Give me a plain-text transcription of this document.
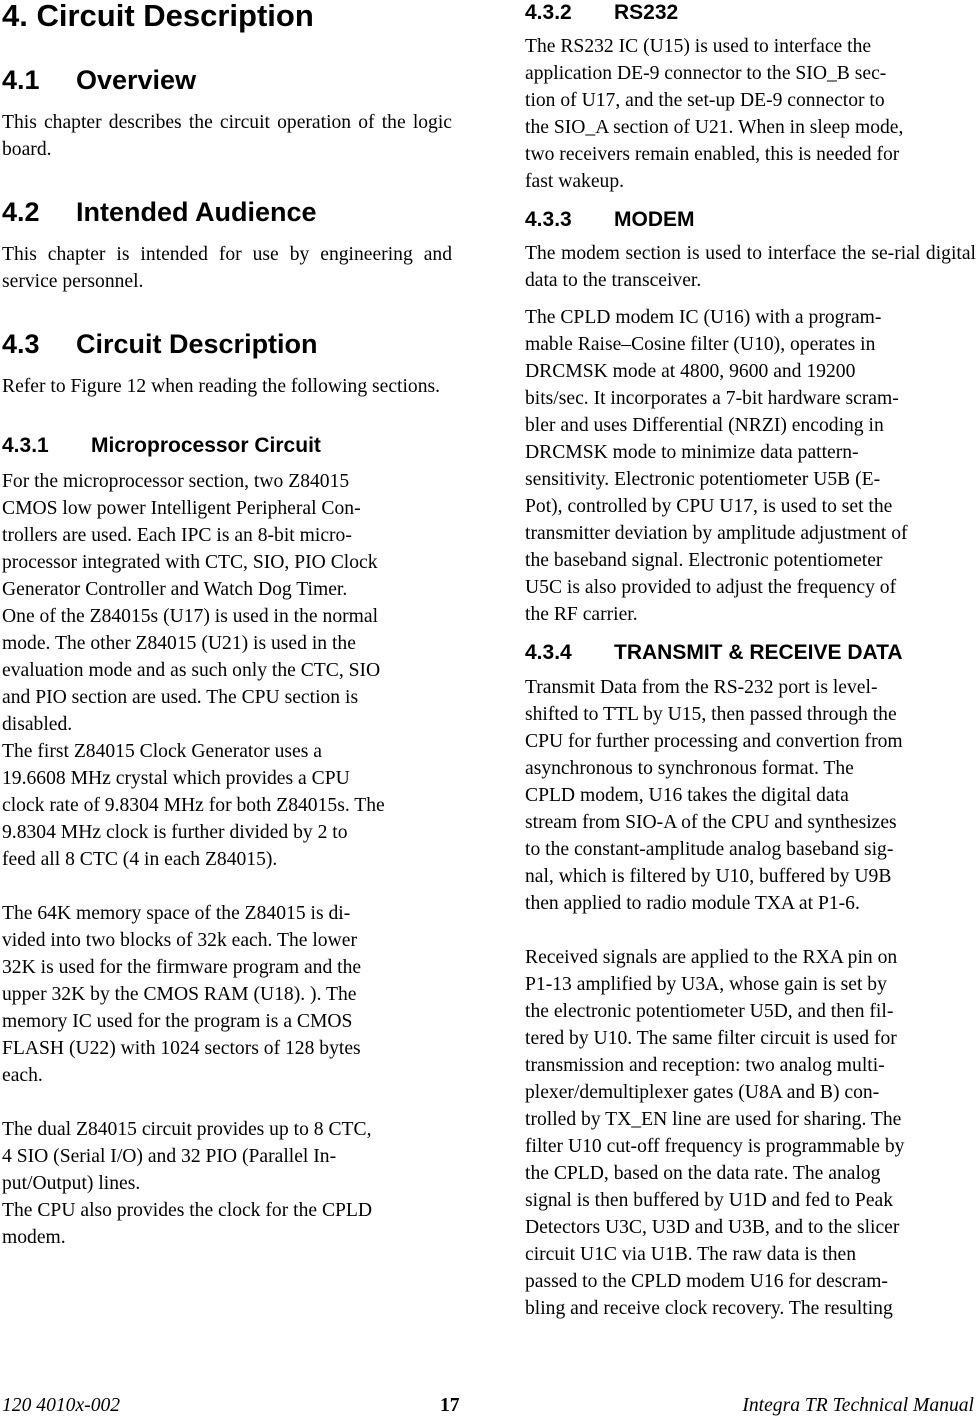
4. Circuit Description
4.1	Overview

This chapter describes the circuit operation of the logic board.

4.2	Intended Audience

This chapter is intended for use by engineering and service personnel.

4.3	Circuit Description

Refer to Figure 12 when reading the following sections.

4.3.1	Microprocessor Circuit

For the microprocessor section, two Z84015
CMOS low power Intelligent Peripheral Con-
trollers are used. Each IPC is an 8-bit micro-
processor integrated with CTC, SIO, PIO Clock
Generator Controller and Watch Dog Timer.
One of the Z84015s (U17) is used in the normal
mode. The other Z84015 (U21) is used in the
evaluation mode and as such only the CTC, SIO
and PIO section are used. The CPU section is
disabled.
The first Z84015 Clock Generator uses a
19.6608 MHz crystal which provides a CPU
clock rate of 9.8304 MHz for both Z84015s. The
9.8304 MHz clock is further divided by 2 to
feed all 8 CTC (4 in each Z84015).

The 64K memory space of the Z84015 is di-
vided into two blocks of 32k each. The lower
32K is used for the firmware program and the
upper 32K by the CMOS RAM (U18). ). The
memory IC used for the program is a CMOS
FLASH (U22) with 1024 sectors of 128 bytes
each.

The dual Z84015 circuit provides up to 8 CTC,
4 SIO (Serial I/O) and 32 PIO (Parallel In-
put/Output) lines.
The CPU also provides the clock for the CPLD
modem.

4.3.2	RS232

The RS232 IC (U15) is used to interface the
application DE-9 connector to the SIO_B sec-
tion of U17, and the set-up DE-9 connector to
the SIO_A section of U21. When in sleep mode,
two receivers remain enabled, this is needed for
fast wakeup.

4.3.3	MODEM

The modem section is used to interface the se-rial digital data to the transceiver.

The CPLD modem IC (U16) with a program-
mable Raise–Cosine filter (U10), operates in
DRCMSK mode at 4800, 9600 and 19200
bits/sec. It incorporates a 7-bit hardware scram-
bler and uses Differential (NRZI) encoding in
DRCMSK mode to minimize data pattern-
sensitivity. Electronic potentiometer U5B (E-
Pot), controlled by CPU U17, is used to set the
transmitter deviation by amplitude adjustment of
the baseband signal. Electronic potentiometer
U5C is also provided to adjust the frequency of
the RF carrier.

4.3.4	TRANSMIT & RECEIVE DATA

Transmit Data from the RS-232 port is level-
shifted to TTL by U15, then passed through the
CPU for further processing and convertion from
asynchronous to synchronous format. The
CPLD modem, U16 takes the digital data
stream from SIO-A of the CPU and synthesizes
to the constant-amplitude analog baseband sig-
nal, which is filtered by U10, buffered by U9B
then applied to radio module TXA at P1-6.

Received signals are applied to the RXA pin on
P1-13 amplified by U3A, whose gain is set by
the electronic potentiometer U5D, and then fil-
tered by U10. The same filter circuit is used for
transmission and reception: two analog multi-
plexer/demultiplexer gates (U8A and B) con-
trolled by TX_EN line are used for sharing. The
filter U10 cut-off frequency is programmable by
the CPLD, based on the data rate. The analog
signal is then buffered by U1D and fed to Peak
Detectors U3C, U3D and U3B, and to the slicer
circuit U1C via U1B. The raw data is then
passed to the CPLD modem U16 for descram-
bling and receive clock recovery. The resulting

120 4010x-002	17	Integra TR Technical Manual
